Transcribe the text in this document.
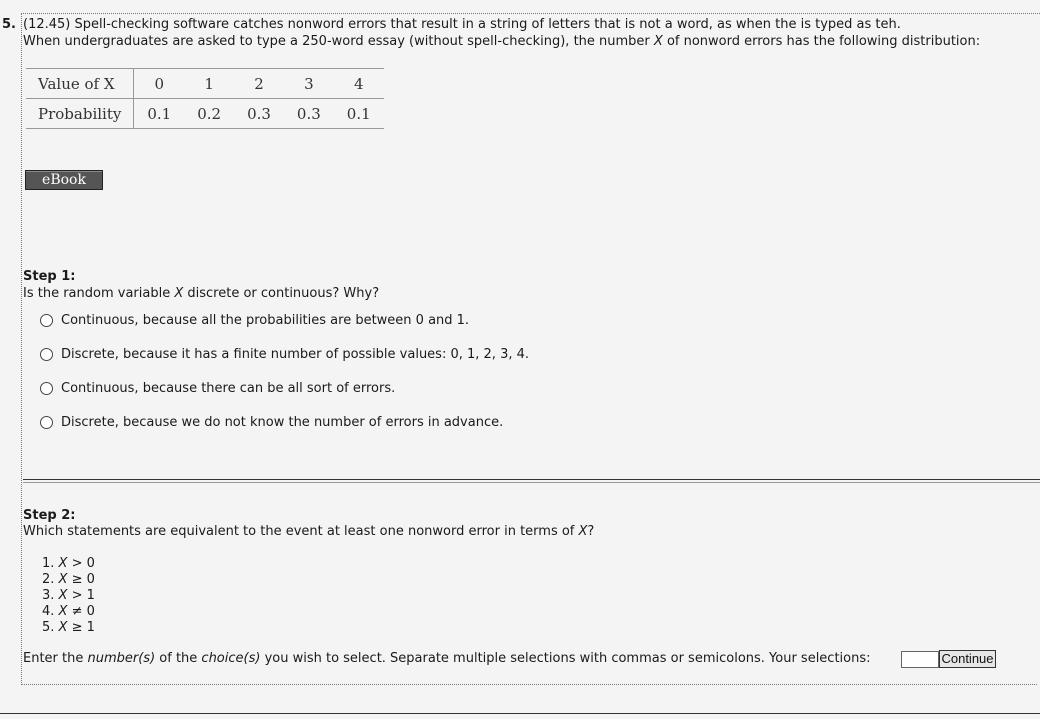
5. (12.45) Spell-checking software catches nonword errors that result in a string of letters that is not a word, as when the is typed as teh.
When undergraduates are asked to type a 250-word essay (without spell-checking), the number X of nonword errors has the following distribution:
Value of X	0	1	2	3	4
Probability	0.1	0.2	0.3	0.3	0.1
eBook
Step 1:
Is the random variable X discrete or continuous? Why?
Continuous, because all the probabilities are between 0 and 1.
Discrete, because it has a finite number of possible values: 0, 1, 2, 3, 4.
Continuous, because there can be all sort of errors.
Discrete, because we do not know the number of errors in advance.
Step 2:
Which statements are equivalent to the event at least one nonword error in terms of X?
1. X > 0
2. X ≥ 0
3. X > 1
4. X ≠ 0
5. X ≥ 1
Enter the number(s) of the choice(s) you wish to select. Separate multiple selections with commas or semicolons. Your selections:	Continue
